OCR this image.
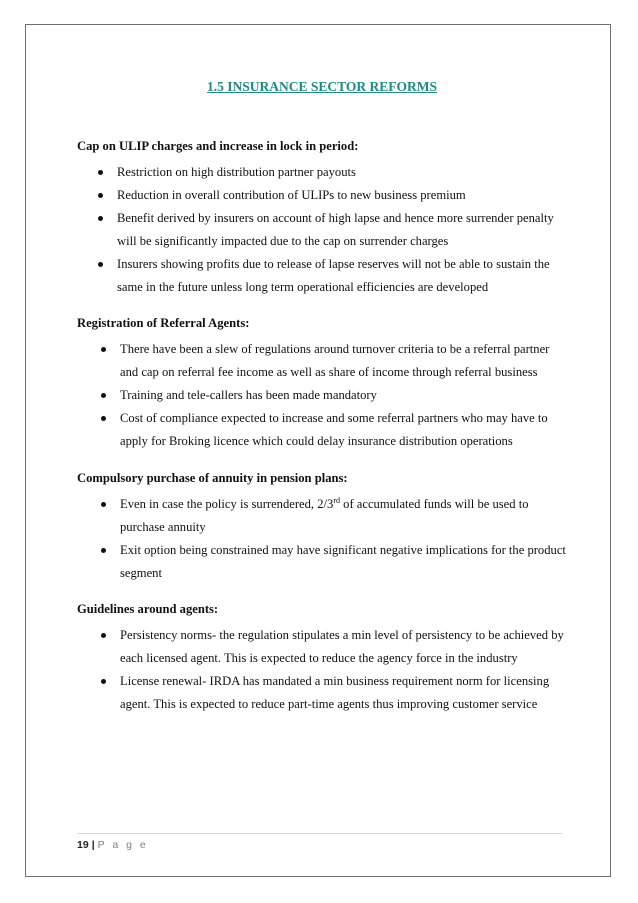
1.5 INSURANCE SECTOR REFORMS
Cap on ULIP charges and increase in lock in period:
Restriction on high distribution partner payouts
Reduction in overall contribution of ULIPs to new business premium
Benefit derived by insurers on account of high lapse and hence more surrender penalty will be significantly impacted due to the cap on surrender charges
Insurers showing profits due to release of lapse reserves will not be able to sustain the same in the future unless long term operational efficiencies are developed
Registration of Referral Agents:
There have been a slew of regulations around turnover criteria to be a referral partner and cap on referral fee income as well as share of income through referral business
Training and tele-callers has been made mandatory
Cost of compliance expected to increase and some referral partners who may have to apply for Broking licence which could delay insurance distribution operations
Compulsory purchase of annuity in pension plans:
Even in case the policy is surrendered, 2/3rd of accumulated funds will be used to purchase annuity
Exit option being constrained may have significant negative implications for the product segment
Guidelines around agents:
Persistency norms- the regulation stipulates a min level of persistency to be achieved by each licensed agent. This is expected to reduce the agency force in the industry
License renewal- IRDA has mandated a min business requirement norm for licensing agent. This is expected to reduce part-time agents thus improving customer service
19 | P a g e
